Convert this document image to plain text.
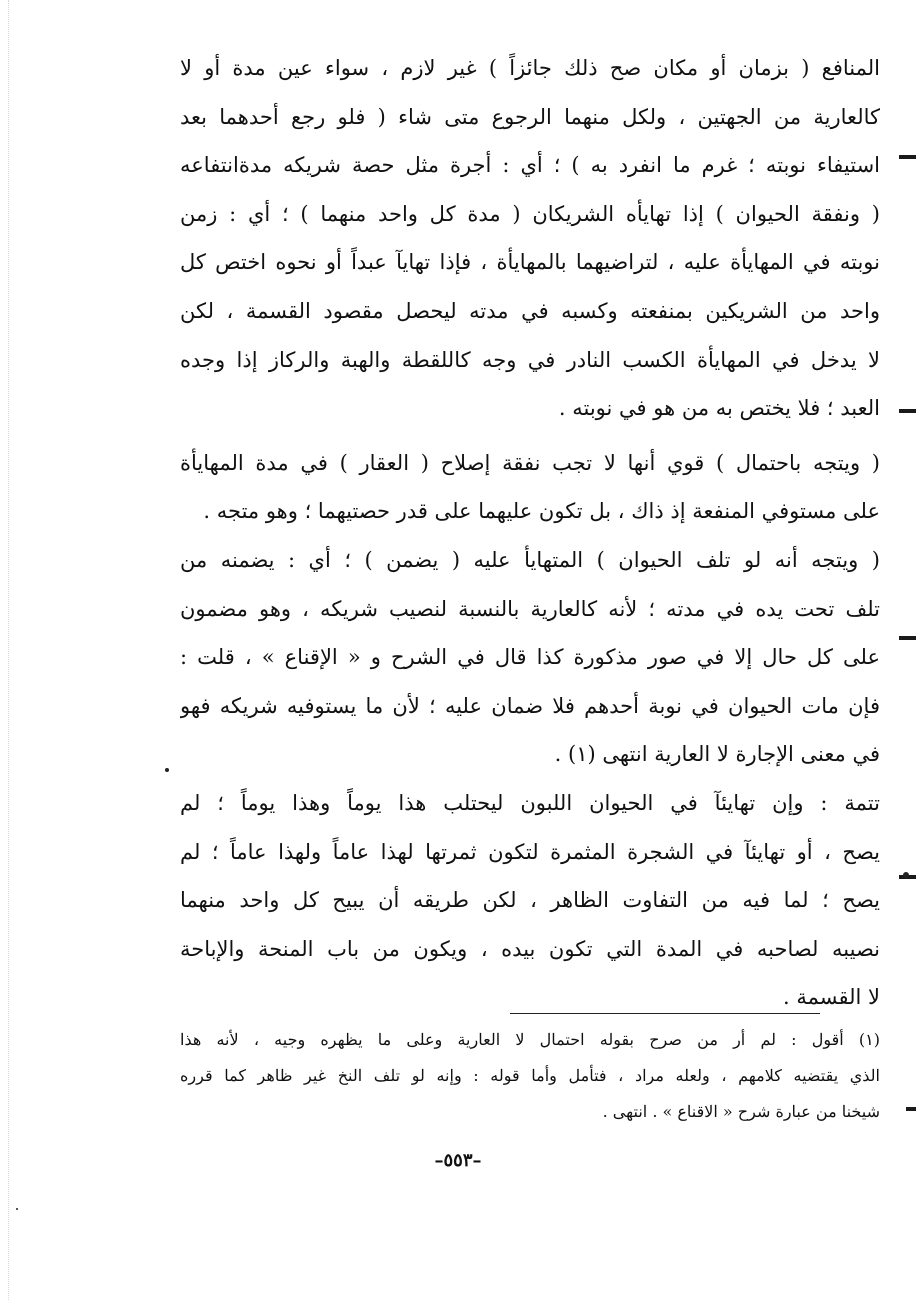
المنافع ( بزمان أو مكان صح ذلك جائزاً ) غير لازم ، سواء عين مدة أو لا
كالعارية من الجهتين ، ولكل منهما الرجوع متى شاء ( فلو رجع أحدهما بعد
استيفاء نوبته ؛ غرم ما انفرد به ) ؛ أي : أجرة مثل حصة شريكه مدةانتفاعه
( ونفقة الحيوان ) إذا تهايأه الشريكان ( مدة كل واحد منهما ) ؛ أي : زمن
نوبته في المهايأة عليه ، لتراضيهما بالمهايأة ، فإذا تهايآ عبداً أو نحوه اختص كل
واحد من الشريكين بمنفعته وكسبه في مدته ليحصل مقصود القسمة ، لكن
لا يدخل في المهايأة الكسب النادر في وجه كاللقطة والهبة والركاز إذا وجده
العبد ؛ فلا يختص به من هو في نوبته .
( ويتجه باحتمال ) قوي أنها لا تجب نفقة إصلاح ( العقار ) في مدة المهايأة
على مستوفي المنفعة إذ ذاك ، بل تكون عليهما على قدر حصتيهما ؛ وهو متجه .
( ويتجه أنه لو تلف الحيوان ) المتهايأ عليه ( يضمن ) ؛ أي : يضمنه من
تلف تحت يده في مدته ؛ لأنه كالعارية بالنسبة لنصيب شريكه ، وهو مضمون
على كل حال إلا في صور مذكورة كذا قال في الشرح و « الإقناع » ، قلت :
فإن مات الحيوان في نوبة أحدهم فلا ضمان عليه ؛ لأن ما يستوفيه شريكه فهو
في معنى الإجارة لا العارية انتهى (١) .
تتمة : وإن تهايئآ في الحيوان اللبون ليحتلب هذا يوماً وهذا يوماً ؛ لم
يصح ، أو تهايئآ في الشجرة المثمرة لتكون ثمرتها لهذا عاماً ولهذا عاماً ؛ لم
يصح ؛ لما فيه من التفاوت الظاهر ، لكن طريقه أن يبيح كل واحد منهما
نصيبه لصاحبه في المدة التي تكون بيده ، ويكون من باب المنحة والإباحة
لا القسمة .
(١) أقول : لم أر من صرح بقوله احتمال لا العارية وعلى ما يظهره وجيه ، لأنه هذا
الذي يقتضيه كلامهم ، ولعله مراد ، فتأمل وأما قوله : وإنه لو تلف النخ غير ظاهر كما قرره
شيخنا من عبارة شرح « الاقناع » . انتهى .
–٥٥٣–
